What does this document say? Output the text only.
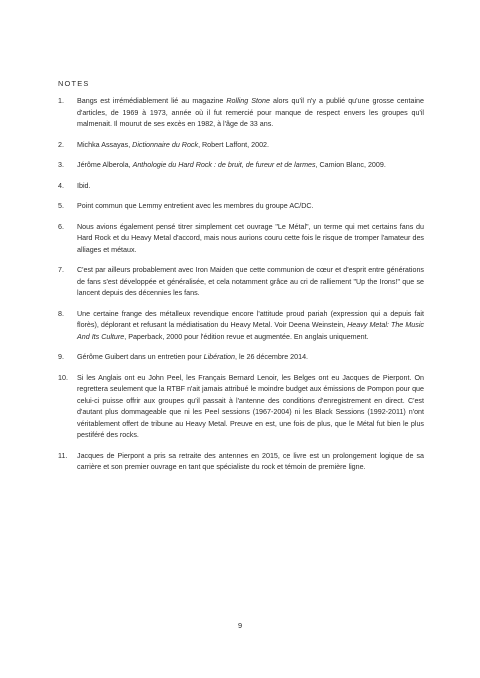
NOTES
1. Bangs est irrémédiablement lié au magazine Rolling Stone alors qu'il n'y a publié qu'une grosse centaine d'articles, de 1969 à 1973, année où il fut remercié pour manque de respect envers les groupes qu'il malmenait. Il mourut de ses excès en 1982, à l'âge de 33 ans.
2. Michka Assayas, Dictionnaire du Rock, Robert Laffont, 2002.
3. Jérôme Alberola, Anthologie du Hard Rock : de bruit, de fureur et de larmes, Camion Blanc, 2009.
4. Ibid.
5. Point commun que Lemmy entretient avec les membres du groupe AC/DC.
6. Nous avions également pensé titrer simplement cet ouvrage "Le Métal", un terme qui met certains fans du Hard Rock et du Heavy Metal d'accord, mais nous aurions couru cette fois le risque de tromper l'amateur des alliages et métaux.
7. C'est par ailleurs probablement avec Iron Maiden que cette communion de cœur et d'esprit entre générations de fans s'est développée et généralisée, et cela notamment grâce au cri de ralliement "Up the Irons!" que se lancent depuis des décennies les fans.
8. Une certaine frange des métalleux revendique encore l'attitude proud pariah (expression qui a depuis fait florès), déplorant et refusant la médiatisation du Heavy Metal. Voir Deena Weinstein, Heavy Metal: The Music And Its Culture, Paperback, 2000 pour l'édition revue et augmentée. En anglais uniquement.
9. Gérôme Guibert dans un entretien pour Libération, le 26 décembre 2014.
10. Si les Anglais ont eu John Peel, les Français Bernard Lenoir, les Belges ont eu Jacques de Pierpont. On regrettera seulement que la RTBF n'ait jamais attribué le moindre budget aux émissions de Pompon pour que celui-ci puisse offrir aux groupes qu'il passait à l'antenne des conditions d'enregistrement en direct. C'est d'autant plus dommageable que ni les Peel sessions (1967-2004) ni les Black Sessions (1992-2011) n'ont véritablement offert de tribune au Heavy Metal. Preuve en est, une fois de plus, que le Métal fut bien le plus pestiféré des rocks.
11. Jacques de Pierpont a pris sa retraite des antennes en 2015, ce livre est un prolongement logique de sa carrière et son premier ouvrage en tant que spécialiste du rock et témoin de première ligne.
9
